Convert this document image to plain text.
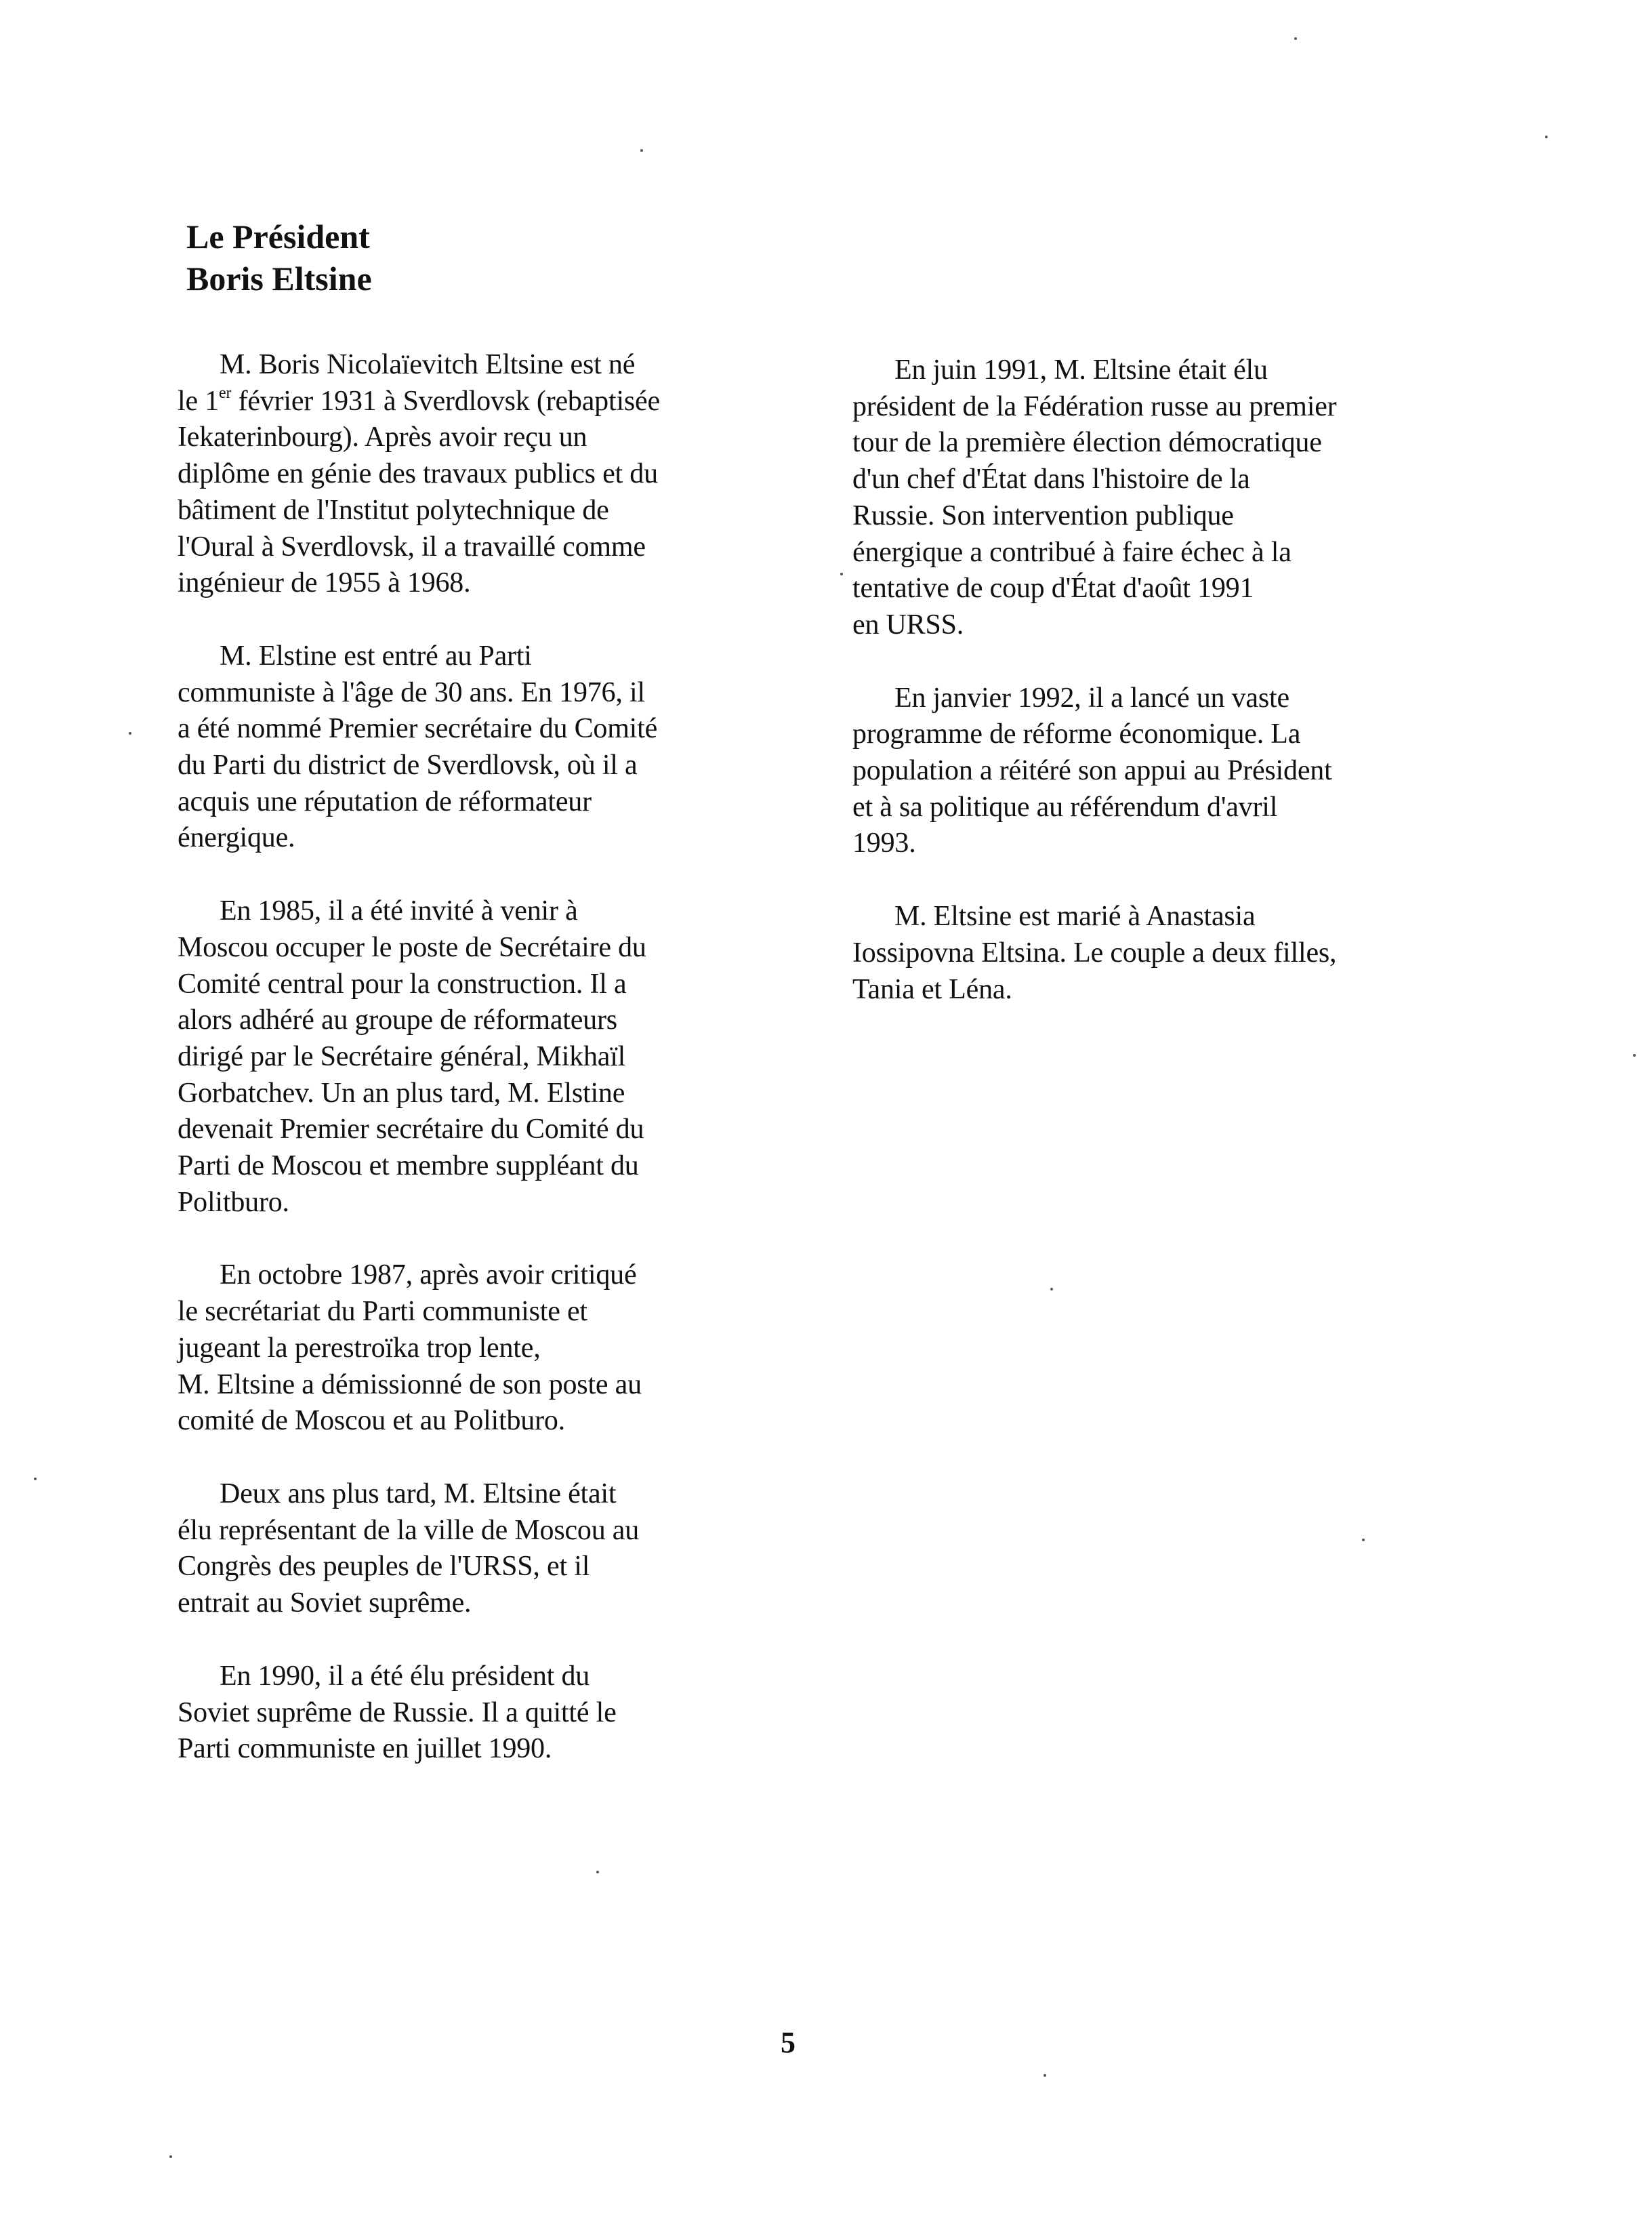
Le Président
Boris Eltsine

M. Boris Nicolaïevitch Eltsine est né
le 1er février 1931 à Sverdlovsk (rebaptisée
Iekaterinbourg). Après avoir reçu un
diplôme en génie des travaux publics et du
bâtiment de l'Institut polytechnique de
l'Oural à Sverdlovsk, il a travaillé comme
ingénieur de 1955 à 1968.

M. Elstine est entré au Parti
communiste à l'âge de 30 ans. En 1976, il
a été nommé Premier secrétaire du Comité
du Parti du district de Sverdlovsk, où il a
acquis une réputation de réformateur
énergique.

En 1985, il a été invité à venir à
Moscou occuper le poste de Secrétaire du
Comité central pour la construction. Il a
alors adhéré au groupe de réformateurs
dirigé par le Secrétaire général, Mikhaïl
Gorbatchev. Un an plus tard, M. Elstine
devenait Premier secrétaire du Comité du
Parti de Moscou et membre suppléant du
Politburo.

En octobre 1987, après avoir critiqué
le secrétariat du Parti communiste et
jugeant la perestroïka trop lente,
M. Eltsine a démissionné de son poste au
comité de Moscou et au Politburo.

Deux ans plus tard, M. Eltsine était
élu représentant de la ville de Moscou au
Congrès des peuples de l'URSS, et il
entrait au Soviet suprême.

En 1990, il a été élu président du
Soviet suprême de Russie. Il a quitté le
Parti communiste en juillet 1990.

En juin 1991, M. Eltsine était élu
président de la Fédération russe au premier
tour de la première élection démocratique
d'un chef d'État dans l'histoire de la
Russie. Son intervention publique
énergique a contribué à faire échec à la
tentative de coup d'État d'août 1991
en URSS.

En janvier 1992, il a lancé un vaste
programme de réforme économique. La
population a réitéré son appui au Président
et à sa politique au référendum d'avril
1993.

M. Eltsine est marié à Anastasia
Iossipovna Eltsina. Le couple a deux filles,
Tania et Léna.

5
